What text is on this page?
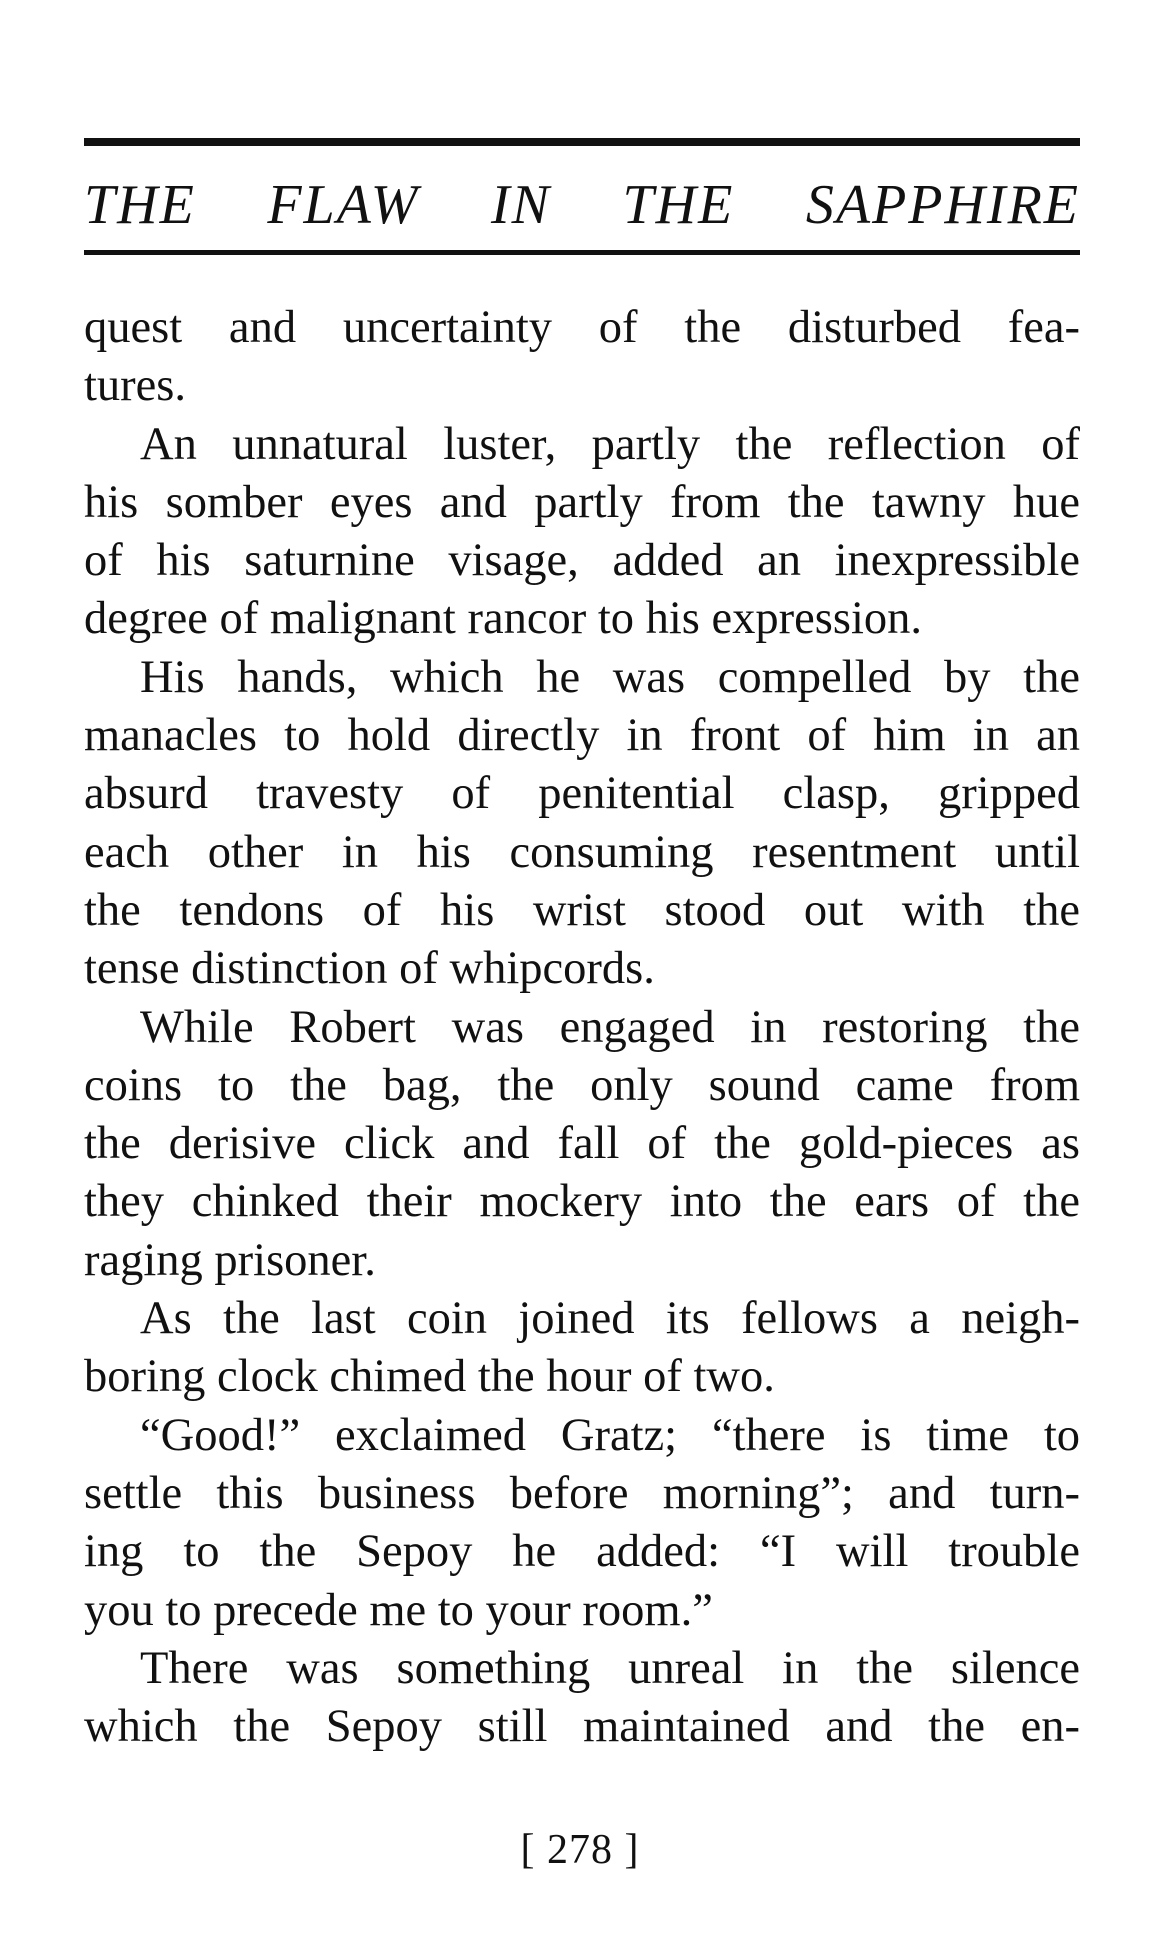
THE FLAW IN THE SAPPHIRE

quest and uncertainty of the disturbed fea-
tures.

An unnatural luster, partly the reflection of
his somber eyes and partly from the tawny hue
of his saturnine visage, added an inexpressible
degree of malignant rancor to his expression.

His hands, which he was compelled by the
manacles to hold directly in front of him in an
absurd travesty of penitential clasp, gripped
each other in his consuming resentment until
the tendons of his wrist stood out with the
tense distinction of whipcords.

While Robert was engaged in restoring the
coins to the bag, the only sound came from
the derisive click and fall of the gold-pieces as
they chinked their mockery into the ears of the
raging prisoner.

As the last coin joined its fellows a neigh-
boring clock chimed the hour of two.

“Good!” exclaimed Gratz; “there is time to
settle this business before morning”; and turn-
ing to the Sepoy he added: “I will trouble
you to precede me to your room.”

There was something unreal in the silence
which the Sepoy still maintained and the en-

[ 278 ]
